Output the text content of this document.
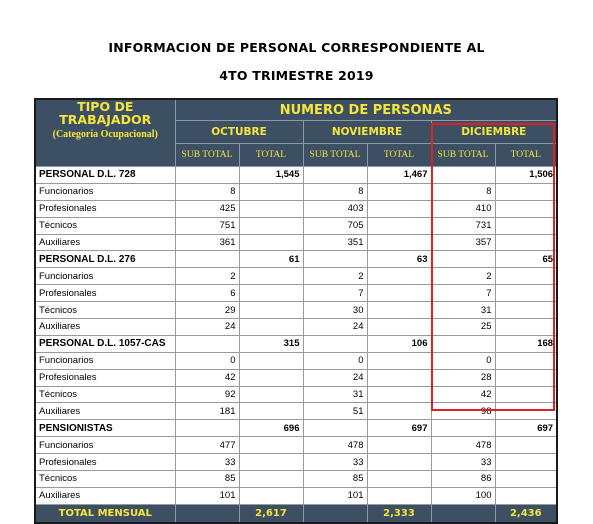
INFORMACION DE PERSONAL CORRESPONDIENTE AL
4TO TRIMESTRE 2019
TIPO DE TRABAJADOR
(Categoría Ocupacional)	NUMERO DE PERSONAS					
	OCTUBRE		NOVIEMBRE		DICIEMBRE	
	SUB TOTAL	TOTAL	SUB TOTAL	TOTAL	SUB TOTAL	TOTAL
PERSONAL D.L. 728		1,545		1,467		1,506
Funcionarios	8		8		8	
Profesionales	425		403		410	
Técnicos	751		705		731	
Auxiliares	361		351		357	
PERSONAL D.L. 276		61		63		65
Funcionarios	2		2		2	
Profesionales	6		7		7	
Técnicos	29		30		31	
Auxiliares	24		24		25	
PERSONAL D.L. 1057-CAS		315		106		168
Funcionarios	0		0		0	
Profesionales	42		24		28	
Técnicos	92		31		42	
Auxiliares	181		51		98	
PENSIONISTAS		696		697		697
Funcionarios	477		478		478	
Profesionales	33		33		33	
Técnicos	85		85		86	
Auxiliares	101		101		100	
TOTAL MENSUAL		2,617		2,333		2,436
